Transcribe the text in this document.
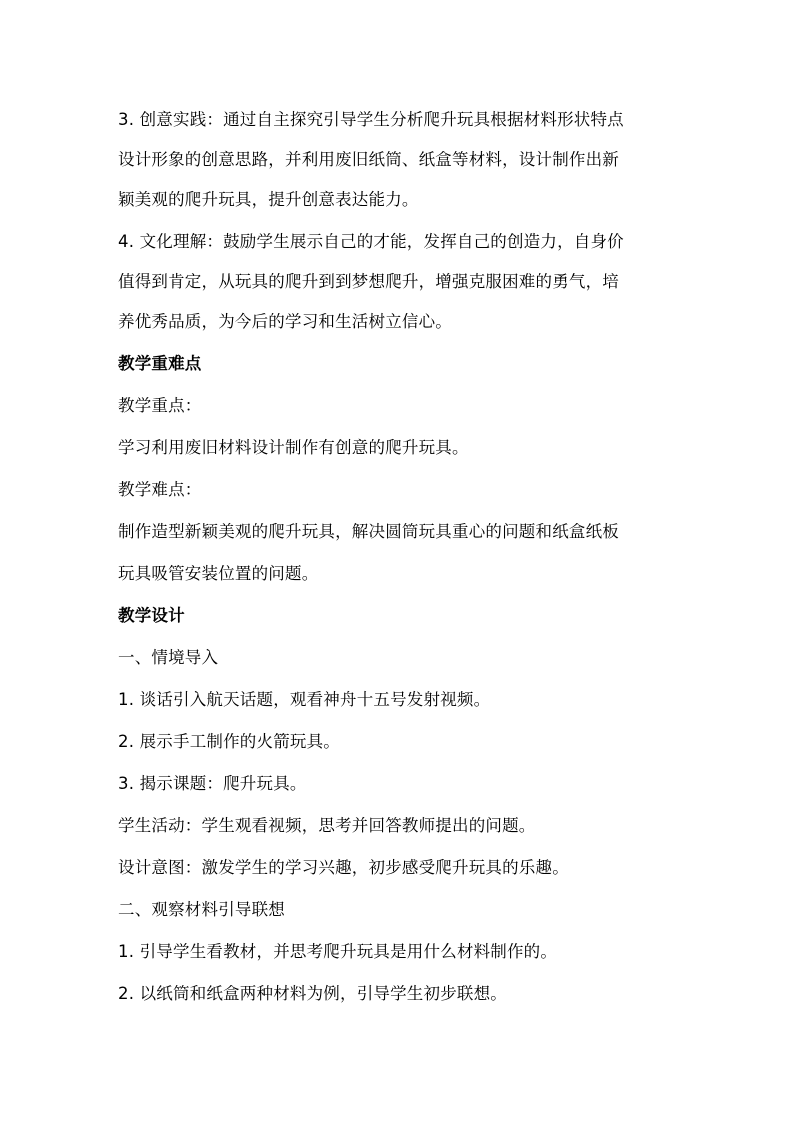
3. 创意实践：通过自主探究引导学生分析爬升玩具根据材料形状特点
设计形象的创意思路，并利用废旧纸筒、纸盒等材料，设计制作出新
颖美观的爬升玩具，提升创意表达能力。
4. 文化理解：鼓励学生展示自己的才能，发挥自己的创造力，自身价
值得到肯定，从玩具的爬升到到梦想爬升，增强克服困难的勇气，培
养优秀品质，为今后的学习和生活树立信心。
教学重难点
教学重点：
学习利用废旧材料设计制作有创意的爬升玩具。
教学难点：
制作造型新颖美观的爬升玩具，解决圆筒玩具重心的问题和纸盒纸板
玩具吸管安装位置的问题。
教学设计
一、情境导入
1. 谈话引入航天话题，观看神舟十五号发射视频。
2. 展示手工制作的火箭玩具。
3. 揭示课题：爬升玩具。
学生活动：学生观看视频，思考并回答教师提出的问题。
设计意图：激发学生的学习兴趣，初步感受爬升玩具的乐趣。
二、观察材料引导联想
1. 引导学生看教材，并思考爬升玩具是用什么材料制作的。
2. 以纸筒和纸盒两种材料为例，引导学生初步联想。
